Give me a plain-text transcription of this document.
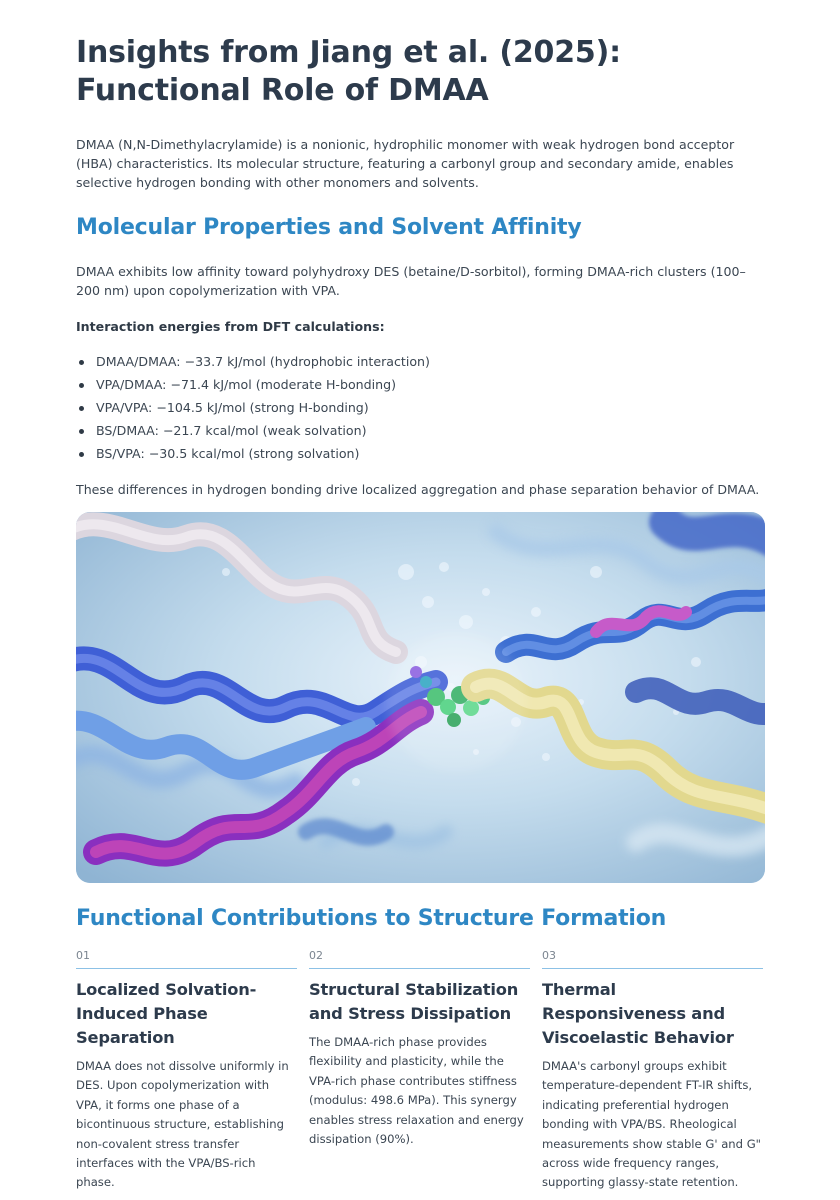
Insights from Jiang et al. (2025): Functional Role of DMAA

DMAA (N,N-Dimethylacrylamide) is a nonionic, hydrophilic monomer with weak hydrogen bond acceptor (HBA) characteristics. Its molecular structure, featuring a carbonyl group and secondary amide, enables selective hydrogen bonding with other monomers and solvents.

Molecular Properties and Solvent Affinity

DMAA exhibits low affinity toward polyhydroxy DES (betaine/D-sorbitol), forming DMAA-rich clusters (100–200 nm) upon copolymerization with VPA.

Interaction energies from DFT calculations:

DMAA/DMAA: −33.7 kJ/mol (hydrophobic interaction)
VPA/DMAA: −71.4 kJ/mol (moderate H-bonding)
VPA/VPA: −104.5 kJ/mol (strong H-bonding)
BS/DMAA: −21.7 kcal/mol (weak solvation)
BS/VPA: −30.5 kcal/mol (strong solvation)

These differences in hydrogen bonding drive localized aggregation and phase separation behavior of DMAA.

Functional Contributions to Structure Formation
01
Localized Solvation-Induced Phase Separation
DMAA does not dissolve uniformly in DES. Upon copolymerization with VPA, it forms one phase of a bicontinuous structure, establishing non-covalent stress transfer interfaces with the VPA/BS-rich phase.
02
Structural Stabilization and Stress Dissipation
The DMAA-rich phase provides flexibility and plasticity, while the VPA-rich phase contributes stiffness (modulus: 498.6 MPa). This synergy enables stress relaxation and energy dissipation (90%).
03
Thermal Responsiveness and Viscoelastic Behavior
DMAA's carbonyl groups exhibit temperature-dependent FT-IR shifts, indicating preferential hydrogen bonding with VPA/BS. Rheological measurements show stable G' and G" across wide frequency ranges, supporting glassy-state retention.
